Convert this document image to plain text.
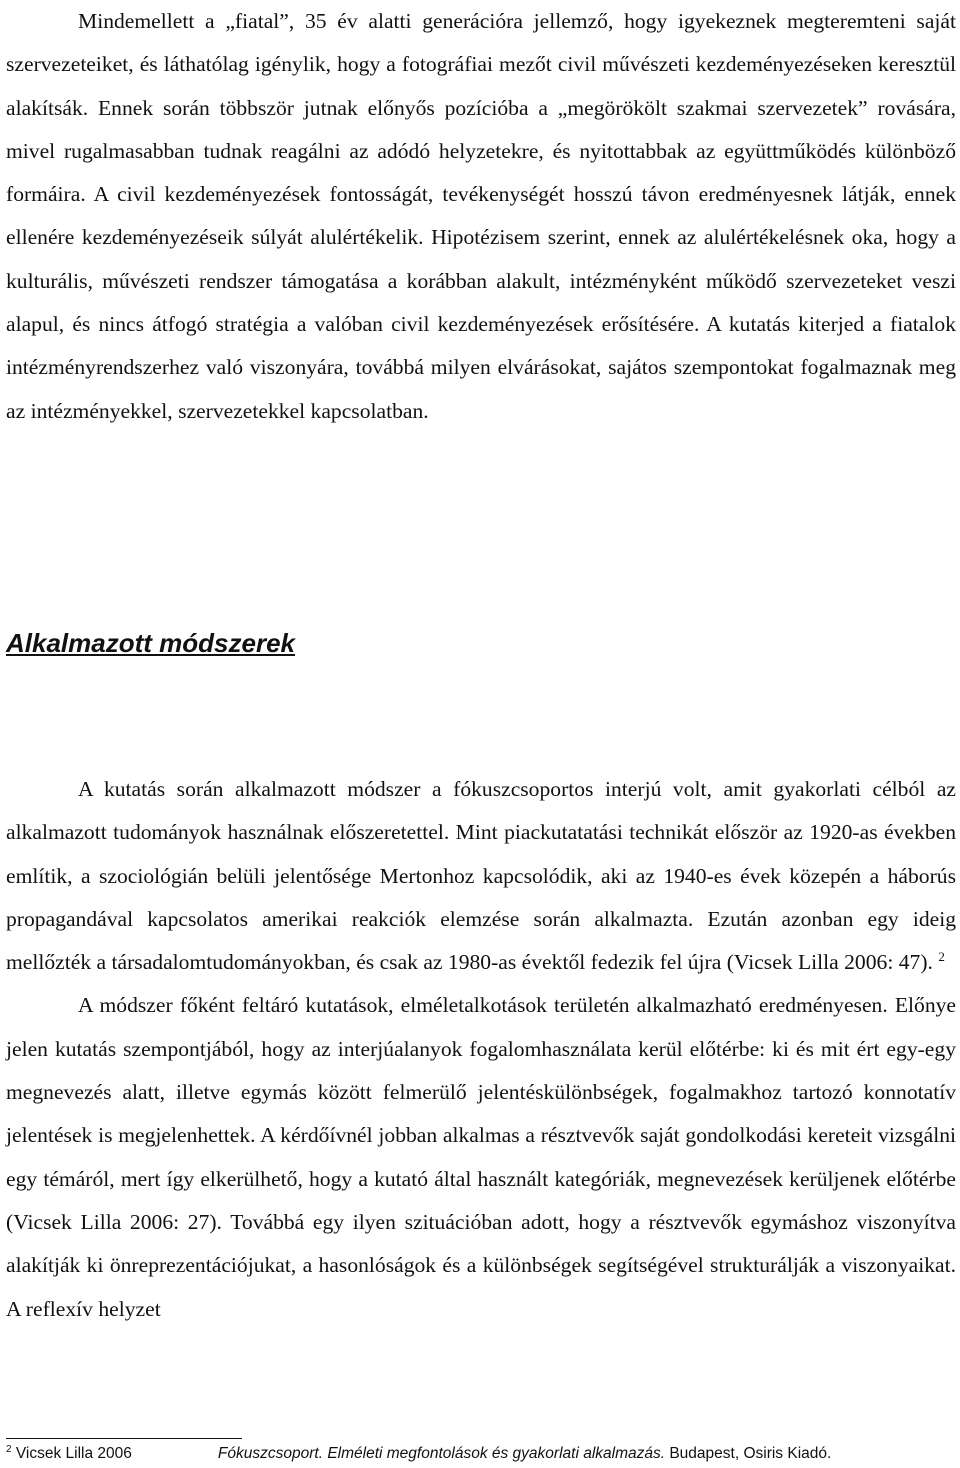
Mindemellett a „fiatal”, 35 év alatti generációra jellemző, hogy igyekeznek megteremteni saját szervezeteiket, és láthatólag igénylik, hogy a fotográfiai mezőt civil művészeti kezdeményezéseken keresztül alakítsák. Ennek során többször jutnak előnyős pozícióba a „megörökölt szakmai szervezetek” rovására, mivel rugalmasabban tudnak reagálni az adódó helyzetekre, és nyitottabbak az együttműködés különböző formáira. A civil kezdeményezések fontosságát, tevékenységét hosszú távon eredményesnek látják, ennek ellenére kezdeményezéseik súlyát alulértékelik. Hipotézisem szerint, ennek az alulértékelésnek oka, hogy a kulturális, művészeti rendszer támogatása a korábban alakult, intézményként működő szervezeteket veszi alapul, és nincs átfogó stratégia a valóban civil kezdeményezések erősítésére. A kutatás kiterjed a fiatalok intézményrendszerhez való viszonyára, továbbá milyen elvárásokat, sajátos szempontokat fogalmaznak meg az intézményekkel, szervezetekkel kapcsolatban.

Alkalmazott módszerek

A kutatás során alkalmazott módszer a fókuszcsoportos interjú volt, amit gyakorlati célból az alkalmazott tudományok használnak előszeretettel. Mint piackutatatási technikát először az 1920-as években említik, a szociológián belüli jelentősége Mertonhoz kapcsolódik, aki az 1940-es évek közepén a háborús propagandával kapcsolatos amerikai reakciók elemzése során alkalmazta. Ezután azonban egy ideig mellőzték a társadalomtudományokban, és csak az 1980-as évektől fedezik fel újra (Vicsek Lilla 2006: 47). $^2$

A módszer főként feltáró kutatások, elméletalkotások területén alkalmazható eredményesen. Előnye jelen kutatás szempontjából, hogy az interjúalanyok fogalomhasználata kerül előtérbe: ki és mit ért egy-egy megnevezés alatt, illetve egymás között felmerülő jelentéskülönbségek, fogalmakhoz tartozó konnotatív jelentések is megjelenhettek. A kérdőívnél jobban alkalmas a résztvevők saját gondolkodási kereteit vizsgálni egy témáról, mert így elkerülhető, hogy a kutató által használt kategóriák, megnevezések kerüljenek előtérbe (Vicsek Lilla 2006: 27). Továbbá egy ilyen szituációban adott, hogy a résztvevők egymáshoz viszonyítva alakítják ki önreprezentációjukat, a hasonlóságok és a különbségek segítségével strukturálják a viszonyaikat. A reflexív helyzet

$^2$ Vicsek Lilla 2006	Fókuszcsoport. Elméleti megfontolások és gyakorlati alkalmazás. Budapest, Osiris Kiadó.
